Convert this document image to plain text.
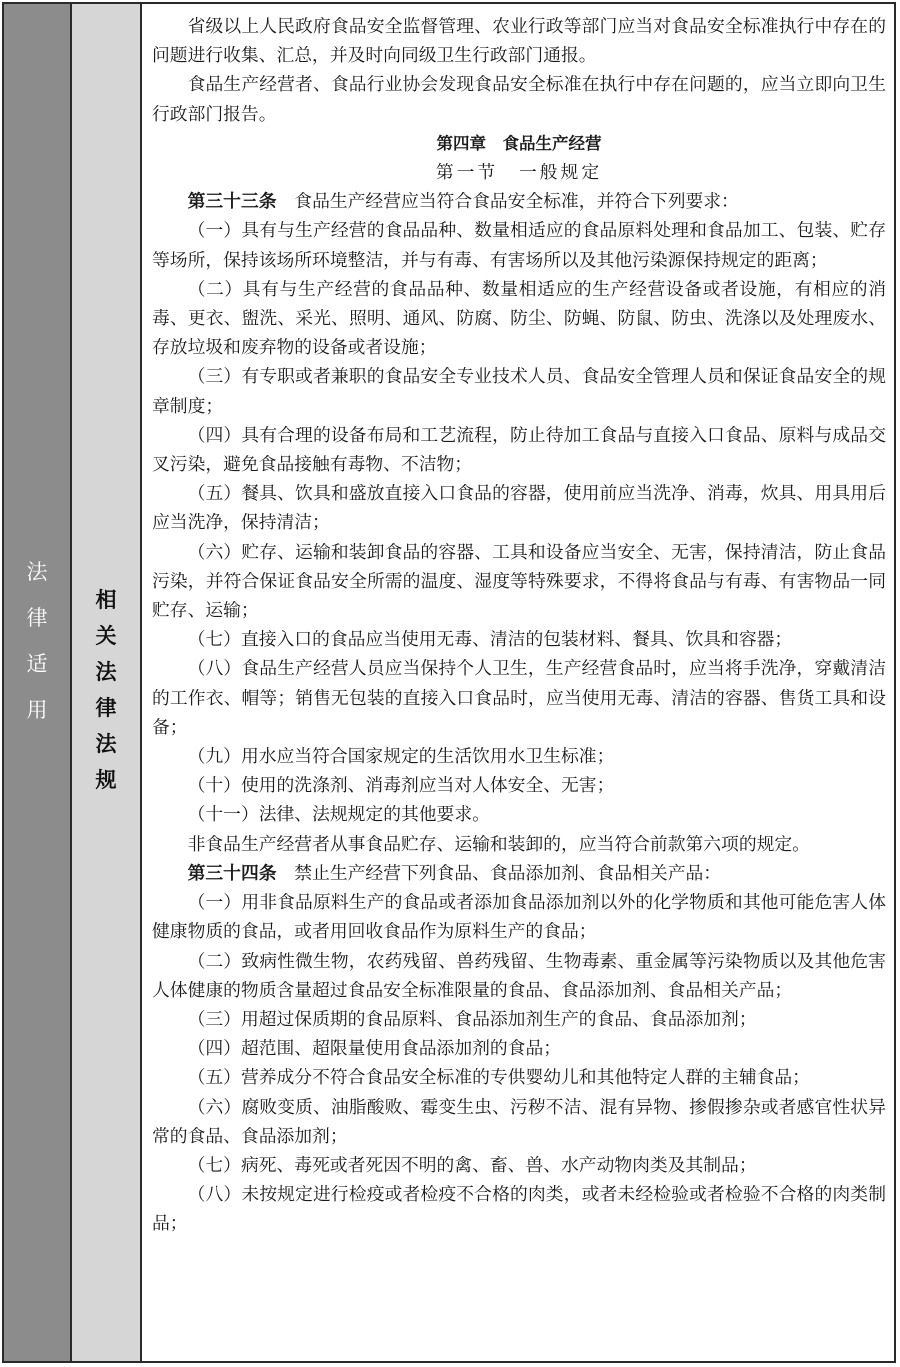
法
律
适
用
相
关
法
律
法
规

省级以上人民政府食品安全监督管理、农业行政等部门应当对食品安全标准执行中存在的问题进行收集、汇总，并及时向同级卫生行政部门通报。

食品生产经营者、食品行业协会发现食品安全标准在执行中存在问题的，应当立即向卫生行政部门报告。

第四章　食品生产经营

第一节　一般规定

第三十三条　食品生产经营应当符合食品安全标准，并符合下列要求：

（一）具有与生产经营的食品品种、数量相适应的食品原料处理和食品加工、包装、贮存等场所，保持该场所环境整洁，并与有毒、有害场所以及其他污染源保持规定的距离；

（二）具有与生产经营的食品品种、数量相适应的生产经营设备或者设施，有相应的消毒、更衣、盥洗、采光、照明、通风、防腐、防尘、防蝇、防鼠、防虫、洗涤以及处理废水、存放垃圾和废弃物的设备或者设施；

（三）有专职或者兼职的食品安全专业技术人员、食品安全管理人员和保证食品安全的规章制度；

（四）具有合理的设备布局和工艺流程，防止待加工食品与直接入口食品、原料与成品交叉污染，避免食品接触有毒物、不洁物；

（五）餐具、饮具和盛放直接入口食品的容器，使用前应当洗净、消毒，炊具、用具用后应当洗净，保持清洁；

（六）贮存、运输和装卸食品的容器、工具和设备应当安全、无害，保持清洁，防止食品污染，并符合保证食品安全所需的温度、湿度等特殊要求，不得将食品与有毒、有害物品一同贮存、运输；

（七）直接入口的食品应当使用无毒、清洁的包装材料、餐具、饮具和容器；

（八）食品生产经营人员应当保持个人卫生，生产经营食品时，应当将手洗净，穿戴清洁的工作衣、帽等；销售无包装的直接入口食品时，应当使用无毒、清洁的容器、售货工具和设备；

（九）用水应当符合国家规定的生活饮用水卫生标准；

（十）使用的洗涤剂、消毒剂应当对人体安全、无害；

（十一）法律、法规规定的其他要求。

非食品生产经营者从事食品贮存、运输和装卸的，应当符合前款第六项的规定。

第三十四条　禁止生产经营下列食品、食品添加剂、食品相关产品：

（一）用非食品原料生产的食品或者添加食品添加剂以外的化学物质和其他可能危害人体健康物质的食品，或者用回收食品作为原料生产的食品；

（二）致病性微生物，农药残留、兽药残留、生物毒素、重金属等污染物质以及其他危害人体健康的物质含量超过食品安全标准限量的食品、食品添加剂、食品相关产品；

（三）用超过保质期的食品原料、食品添加剂生产的食品、食品添加剂；

（四）超范围、超限量使用食品添加剂的食品；

（五）营养成分不符合食品安全标准的专供婴幼儿和其他特定人群的主辅食品；

（六）腐败变质、油脂酸败、霉变生虫、污秽不洁、混有异物、掺假掺杂或者感官性状异常的食品、食品添加剂；

（七）病死、毒死或者死因不明的禽、畜、兽、水产动物肉类及其制品；

（八）未按规定进行检疫或者检疫不合格的肉类，或者未经检验或者检验不合格的肉类制品；
